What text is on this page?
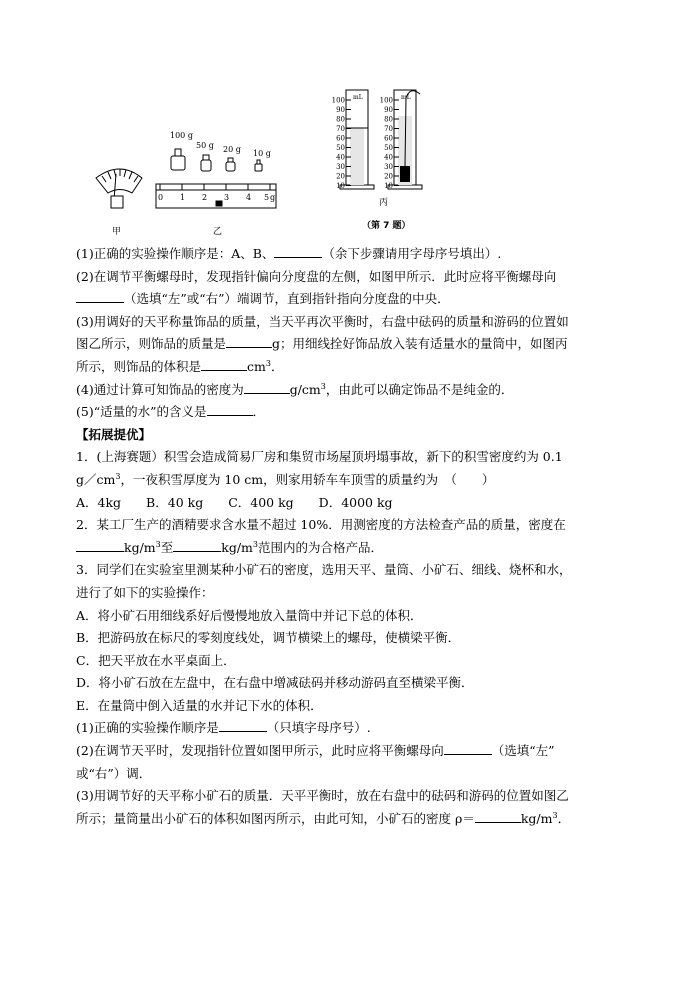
100 g
50 g 20 g 10 g
0 1 2 3 4 5 g
100
90
80
70
60
50
40
30
20
10
100
90
80
70
60
50
40
30
20
10
mL	mL
甲	乙
丙
（第 7 题）
(1)正确的实验操作顺序是：A、B、	（余下步骤请用字母序号填出）.
(2)在调节平衡螺母时，发现指针偏向分度盘的左侧，如图甲所示．此时应将平衡螺母向
（选填“左”或“右”）端调节，直到指针指向分度盘的中央．
(3)用调好的天平称量饰品的质量，当天平再次平衡时，右盘中砝码的质量和游码的位置如
图乙所示，则饰品的质量是	g；用细线拴好饰品放入装有适量水的量筒中，如图丙
所示，则饰品的体积是	$cm^3$．
(4)通过计算可知饰品的密度为	$g/cm^3$，由此可以确定饰品不是纯金的．
(5)“适量的水”的含义是	．
【拓展提优】
1．(上海赛题）积雪会造成简易厂房和集贸市场屋顶坍塌事故，新下的积雪密度约为 0.1
$g/cm^3$，一夜积雪厚度为 10 cm，则家用轿车车顶雪的质量约为　（　　）
A．4kg　　B．40 kg　　C．400 kg　　D．4000 kg
2．某工厂生产的酒精要求含水量不超过 10%．用测密度的方法检查产品的质量，密度在
$kg/m^3$至	$kg/m^3$范围内的为合格产品．
3．同学们在实验室里测某种小矿石的密度，选用天平、量筒、小矿石、细线、烧杯和水，
进行了如下的实验操作：
A．将小矿石用细线系好后慢慢地放入量筒中并记下总的体积．
B．把游码放在标尺的零刻度线处，调节横梁上的螺母，使横梁平衡．
C．把天平放在水平桌面上．
D．将小矿石放在左盘中，在右盘中增减砝码并移动游码直至横梁平衡．
E．在量筒中倒入适量的水并记下水的体积．
(1)正确的实验操作顺序是	（只填字母序号）.
(2)在调节天平时，发现指针位置如图甲所示，此时应将平衡螺母向	（选填“左”
或“右”）调．
(3)用调节好的天平称小矿石的质量．天平平衡时，放在右盘中的砝码和游码的位置如图乙
所示；量筒量出小矿石的体积如图丙所示，由此可知，小矿石的密度 ρ＝	$kg/m^3$．
